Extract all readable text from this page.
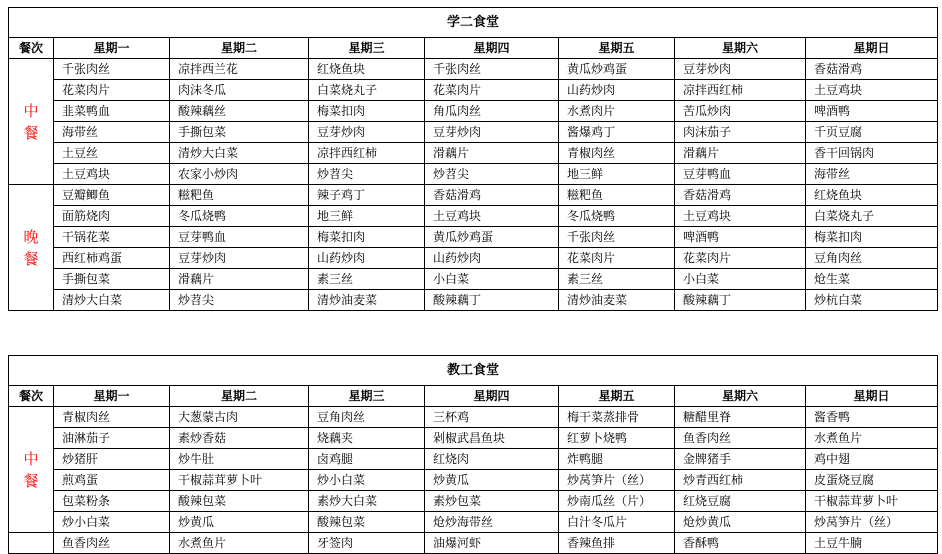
学二食堂							
餐次	星期一	星期二	星期三	星期四	星期五	星期六	星期日

中
餐	千张肉丝	凉拌西兰花	红烧鱼块	千张肉丝	黄瓜炒鸡蛋	豆芽炒肉	香菇滑鸡
	花菜肉片	肉沫冬瓜	白菜烧丸子	花菜肉片	山药炒肉	凉拌西红柿	土豆鸡块
	韭菜鸭血	酸辣藕丝	梅菜扣肉	角瓜肉丝	水煮肉片	苦瓜炒肉	啤酒鸭
	海带丝	手撕包菜	豆芽炒肉	豆芽炒肉	酱爆鸡丁	肉沫茄子	千页豆腐
	土豆丝	清炒大白菜	凉拌西红柿	滑藕片	青椒肉丝	滑藕片	香干回锅肉
	土豆鸡块	农家小炒肉	炒苕尖	炒苕尖	地三鲜	豆芽鸭血	海带丝

晚
餐	豆瓣鲫鱼	糍粑鱼	辣子鸡丁	香菇滑鸡	糍粑鱼	香菇滑鸡	红烧鱼块
	面筋烧肉	冬瓜烧鸭	地三鲜	土豆鸡块	冬瓜烧鸭	土豆鸡块	白菜烧丸子
	干锅花菜	豆芽鸭血	梅菜扣肉	黄瓜炒鸡蛋	千张肉丝	啤酒鸭	梅菜扣肉
	西红柿鸡蛋	豆芽炒肉	山药炒肉	山药炒肉	花菜肉片	花菜肉片	豆角肉丝
	手撕包菜	滑藕片	素三丝	小白菜	素三丝	小白菜	炝生菜
	清炒大白菜	炒苕尖	清炒油麦菜	酸辣藕丁	清炒油麦菜	酸辣藕丁	炒杭白菜
教工食堂							
餐次	星期一	星期二	星期三	星期四	星期五	星期六	星期日

中
餐	青椒肉丝	大葱蒙古肉	豆角肉丝	三杯鸡	梅干菜蒸排骨	糖醋里脊	酱香鸭
	油淋茄子	素炒香菇	烧藕夹	剁椒武昌鱼块	红萝卜烧鸭	鱼香肉丝	水煮鱼片
	炒猪肝	炒牛肚	卤鸡腿	红烧肉	炸鸭腿	金牌猪手	鸡中翅
	煎鸡蛋	干椒蒜茸萝卜叶	炒小白菜	炒黄瓜	炒莴笋片（丝）	炒青西红柿	皮蛋烧豆腐
	包菜粉条	酸辣包菜	素炒大白菜	素炒包菜	炒南瓜丝（片）	红烧豆腐	干椒蒜茸萝卜叶
	炒小白菜	炒黄瓜	酸辣包菜	炝炒海带丝	白汁冬瓜片	炝炒黄瓜	炒莴笋片（丝）
	鱼香肉丝	水煮鱼片	牙签肉	油爆河虾	香辣鱼排	香酥鸭	土豆牛腩
